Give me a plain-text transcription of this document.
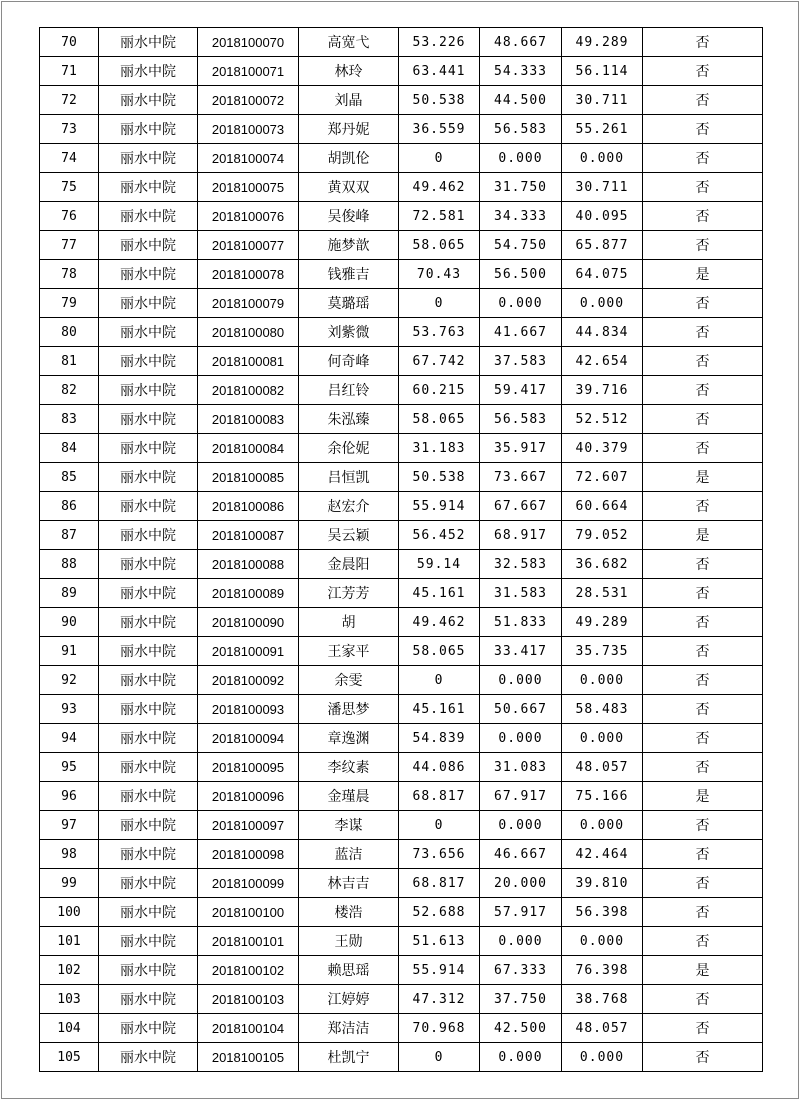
70	丽水中院	2018100070	高宽弋	53.226	48.667	49.289	否
71	丽水中院	2018100071	林玲	63.441	54.333	56.114	否
72	丽水中院	2018100072	刘晶	50.538	44.500	30.711	否
73	丽水中院	2018100073	郑丹妮	36.559	56.583	55.261	否
74	丽水中院	2018100074	胡凯伦	0	0.000	0.000	否
75	丽水中院	2018100075	黄双双	49.462	31.750	30.711	否
76	丽水中院	2018100076	吴俊峰	72.581	34.333	40.095	否
77	丽水中院	2018100077	施梦歆	58.065	54.750	65.877	否
78	丽水中院	2018100078	钱雅吉	70.43	56.500	64.075	是
79	丽水中院	2018100079	莫璐瑶	0	0.000	0.000	否
80	丽水中院	2018100080	刘紫微	53.763	41.667	44.834	否
81	丽水中院	2018100081	何奇峰	67.742	37.583	42.654	否
82	丽水中院	2018100082	吕红铃	60.215	59.417	39.716	否
83	丽水中院	2018100083	朱泓臻	58.065	56.583	52.512	否
84	丽水中院	2018100084	余伦妮	31.183	35.917	40.379	否
85	丽水中院	2018100085	吕恒凯	50.538	73.667	72.607	是
86	丽水中院	2018100086	赵宏介	55.914	67.667	60.664	否
87	丽水中院	2018100087	吴云颖	56.452	68.917	79.052	是
88	丽水中院	2018100088	金晨阳	59.14	32.583	36.682	否
89	丽水中院	2018100089	江芳芳	45.161	31.583	28.531	否
90	丽水中院	2018100090	胡	49.462	51.833	49.289	否
91	丽水中院	2018100091	王家平	58.065	33.417	35.735	否
92	丽水中院	2018100092	余雯	0	0.000	0.000	否
93	丽水中院	2018100093	潘思梦	45.161	50.667	58.483	否
94	丽水中院	2018100094	章逸渊	54.839	0.000	0.000	否
95	丽水中院	2018100095	李纹素	44.086	31.083	48.057	否
96	丽水中院	2018100096	金瑾晨	68.817	67.917	75.166	是
97	丽水中院	2018100097	李谋	0	0.000	0.000	否
98	丽水中院	2018100098	蓝洁	73.656	46.667	42.464	否
99	丽水中院	2018100099	林吉吉	68.817	20.000	39.810	否
100	丽水中院	2018100100	楼浩	52.688	57.917	56.398	否
101	丽水中院	2018100101	王勋	51.613	0.000	0.000	否
102	丽水中院	2018100102	赖思瑶	55.914	67.333	76.398	是
103	丽水中院	2018100103	江婷婷	47.312	37.750	38.768	否
104	丽水中院	2018100104	郑洁洁	70.968	42.500	48.057	否
105	丽水中院	2018100105	杜凯宁	0	0.000	0.000	否
